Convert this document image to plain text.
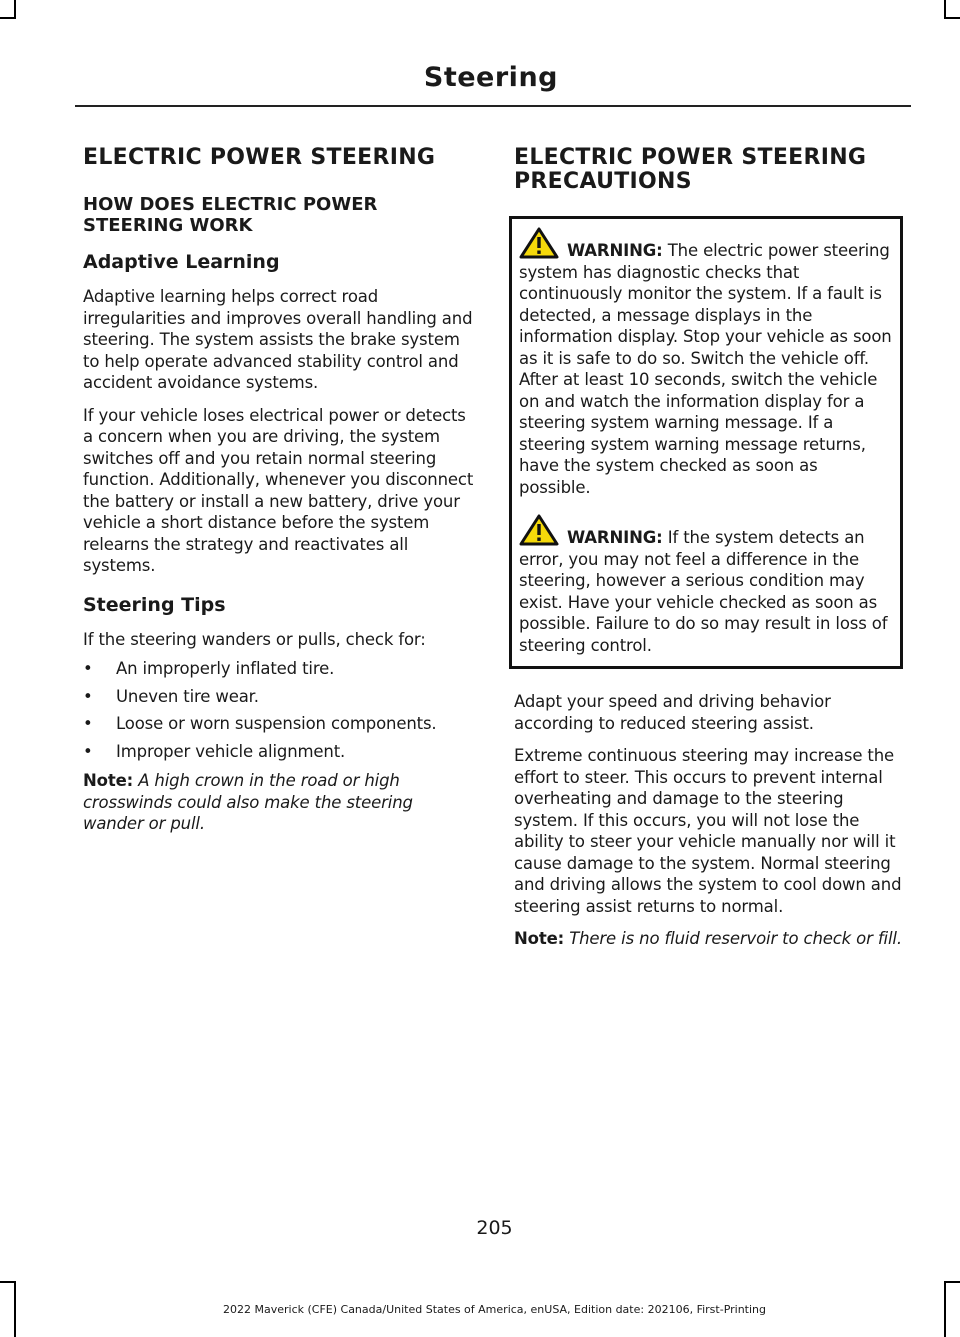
Steering
ELECTRIC POWER STEERING
HOW DOES ELECTRIC POWER STEERING WORK
Adaptive Learning

Adaptive learning helps correct road irregularities and improves overall handling and steering. The system assists the brake system to help operate advanced stability control and accident avoidance systems.

If your vehicle loses electrical power or detects a concern when you are driving, the system switches off and you retain normal steering function. Additionally, whenever you disconnect the battery or install a new battery, drive your vehicle a short distance before the system relearns the strategy and reactivates all systems.

Steering Tips

If the steering wanders or pulls, check for:

• An improperly inflated tire.
• Uneven tire wear.
• Loose or worn suspension components.
• Improper vehicle alignment.

Note: A high crown in the road or high crosswinds could also make the steering wander or pull.

ELECTRIC POWER STEERING PRECAUTIONS

WARNING: The electric power steering system has diagnostic checks that continuously monitor the system. If a fault is detected, a message displays in the information display. Stop your vehicle as soon as it is safe to do so. Switch the vehicle off. After at least 10 seconds, switch the vehicle on and watch the information display for a steering system warning message. If a steering system warning message returns, have the system checked as soon as possible.

WARNING: If the system detects an error, you may not feel a difference in the steering, however a serious condition may exist. Have your vehicle checked as soon as possible. Failure to do so may result in loss of steering control.

Adapt your speed and driving behavior according to reduced steering assist.

Extreme continuous steering may increase the effort to steer. This occurs to prevent internal overheating and damage to the steering system. If this occurs, you will not lose the ability to steer your vehicle manually nor will it cause damage to the system. Normal steering and driving allows the system to cool down and steering assist returns to normal.

Note: There is no fluid reservoir to check or fill.

205
2022 Maverick (CFE) Canada/United States of America, enUSA, Edition date: 202106, First-Printing
